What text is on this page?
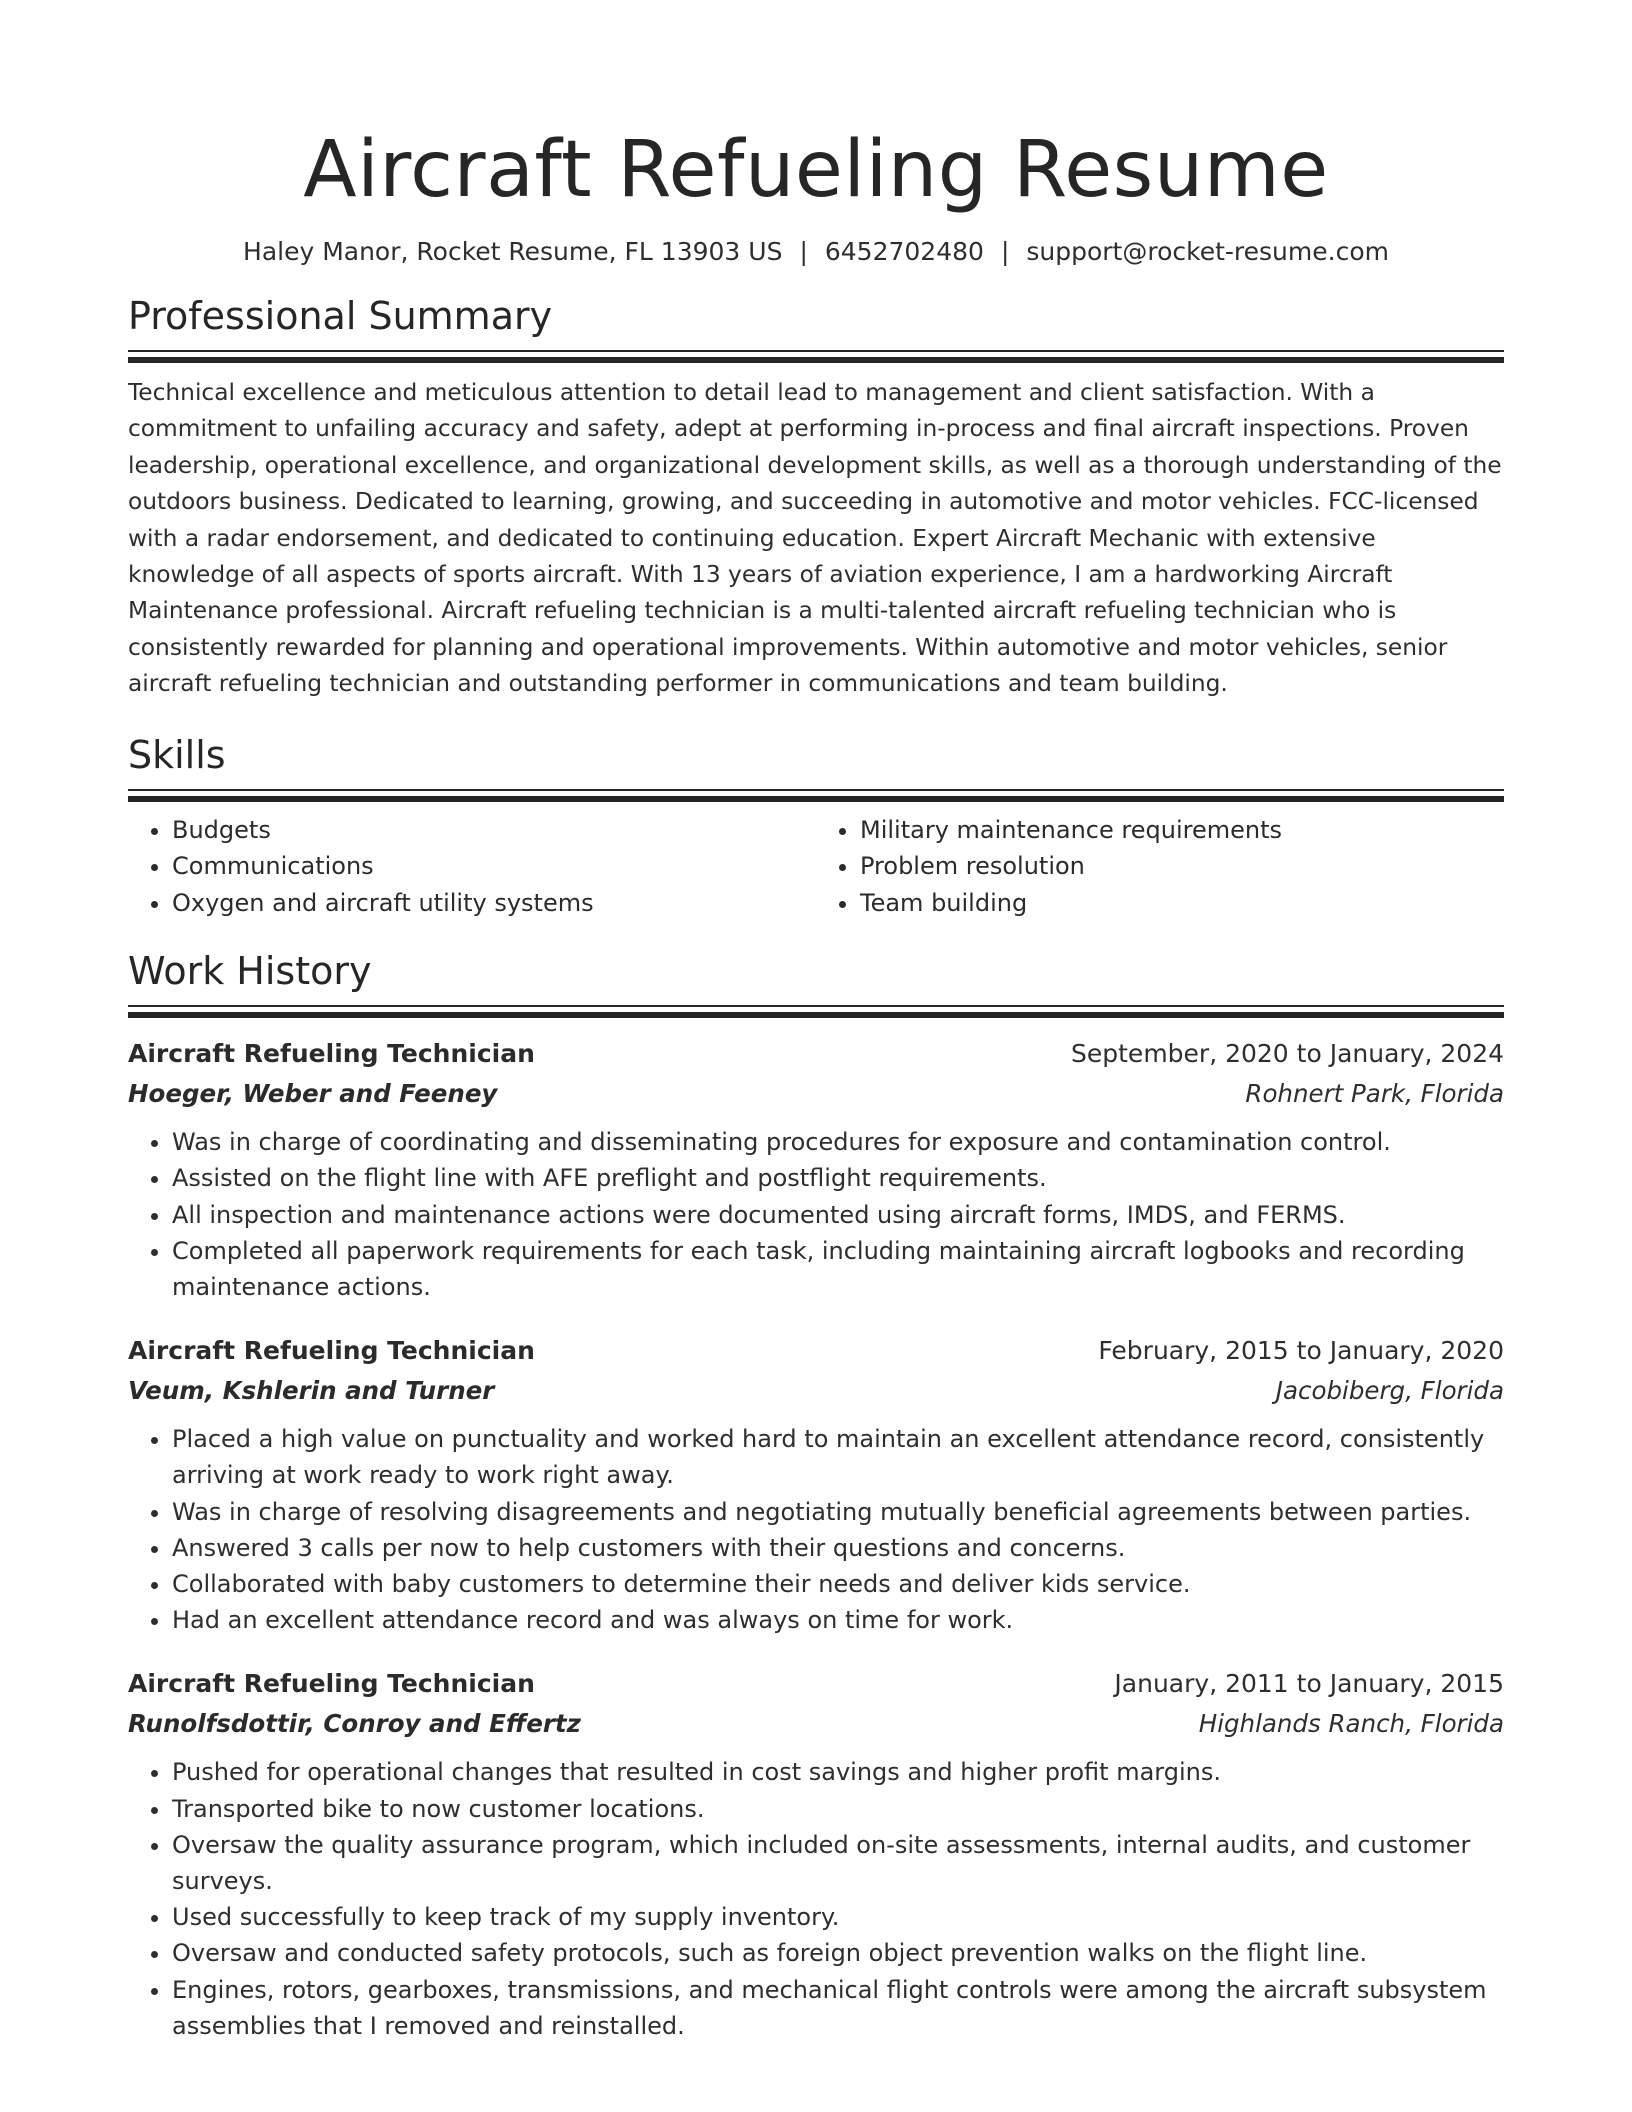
Aircraft Refueling Resume
Haley Manor, Rocket Resume, FL 13903 US | 6452702480 | support@rocket-resume.com
Professional Summary

Technical excellence and meticulous attention to detail lead to management and client satisfaction. With a commitment to unfailing accuracy and safety, adept at performing in-process and final aircraft inspections. Proven leadership, operational excellence, and organizational development skills, as well as a thorough understanding of the outdoors business. Dedicated to learning, growing, and succeeding in automotive and motor vehicles. FCC-licensed with a radar endorsement, and dedicated to continuing education. Expert Aircraft Mechanic with extensive knowledge of all aspects of sports aircraft. With 13 years of aviation experience, I am a hardworking Aircraft Maintenance professional. Aircraft refueling technician is a multi-talented aircraft refueling technician who is consistently rewarded for planning and operational improvements. Within automotive and motor vehicles, senior aircraft refueling technician and outstanding performer in communications and team building.

Skills
• Budgets
• Communications
• Oxygen and aircraft utility systems
• Military maintenance requirements
• Problem resolution
• Team building
Work History
Aircraft Refueling Technician	September, 2020 to January, 2024
Hoeger, Weber and Feeney	Rohnert Park, Florida
• Was in charge of coordinating and disseminating procedures for exposure and contamination control.
• Assisted on the flight line with AFE preflight and postflight requirements.
• All inspection and maintenance actions were documented using aircraft forms, IMDS, and FERMS.
• Completed all paperwork requirements for each task, including maintaining aircraft logbooks and recording maintenance actions.
Aircraft Refueling Technician	February, 2015 to January, 2020
Veum, Kshlerin and Turner	Jacobiberg, Florida
• Placed a high value on punctuality and worked hard to maintain an excellent attendance record, consistently arriving at work ready to work right away.
• Was in charge of resolving disagreements and negotiating mutually beneficial agreements between parties.
• Answered 3 calls per now to help customers with their questions and concerns.
• Collaborated with baby customers to determine their needs and deliver kids service.
• Had an excellent attendance record and was always on time for work.
Aircraft Refueling Technician	January, 2011 to January, 2015
Runolfsdottir, Conroy and Effertz	Highlands Ranch, Florida
• Pushed for operational changes that resulted in cost savings and higher profit margins.
• Transported bike to now customer locations.
• Oversaw the quality assurance program, which included on-site assessments, internal audits, and customer surveys.
• Used successfully to keep track of my supply inventory.
• Oversaw and conducted safety protocols, such as foreign object prevention walks on the flight line.
• Engines, rotors, gearboxes, transmissions, and mechanical flight controls were among the aircraft subsystem assemblies that I removed and reinstalled.
